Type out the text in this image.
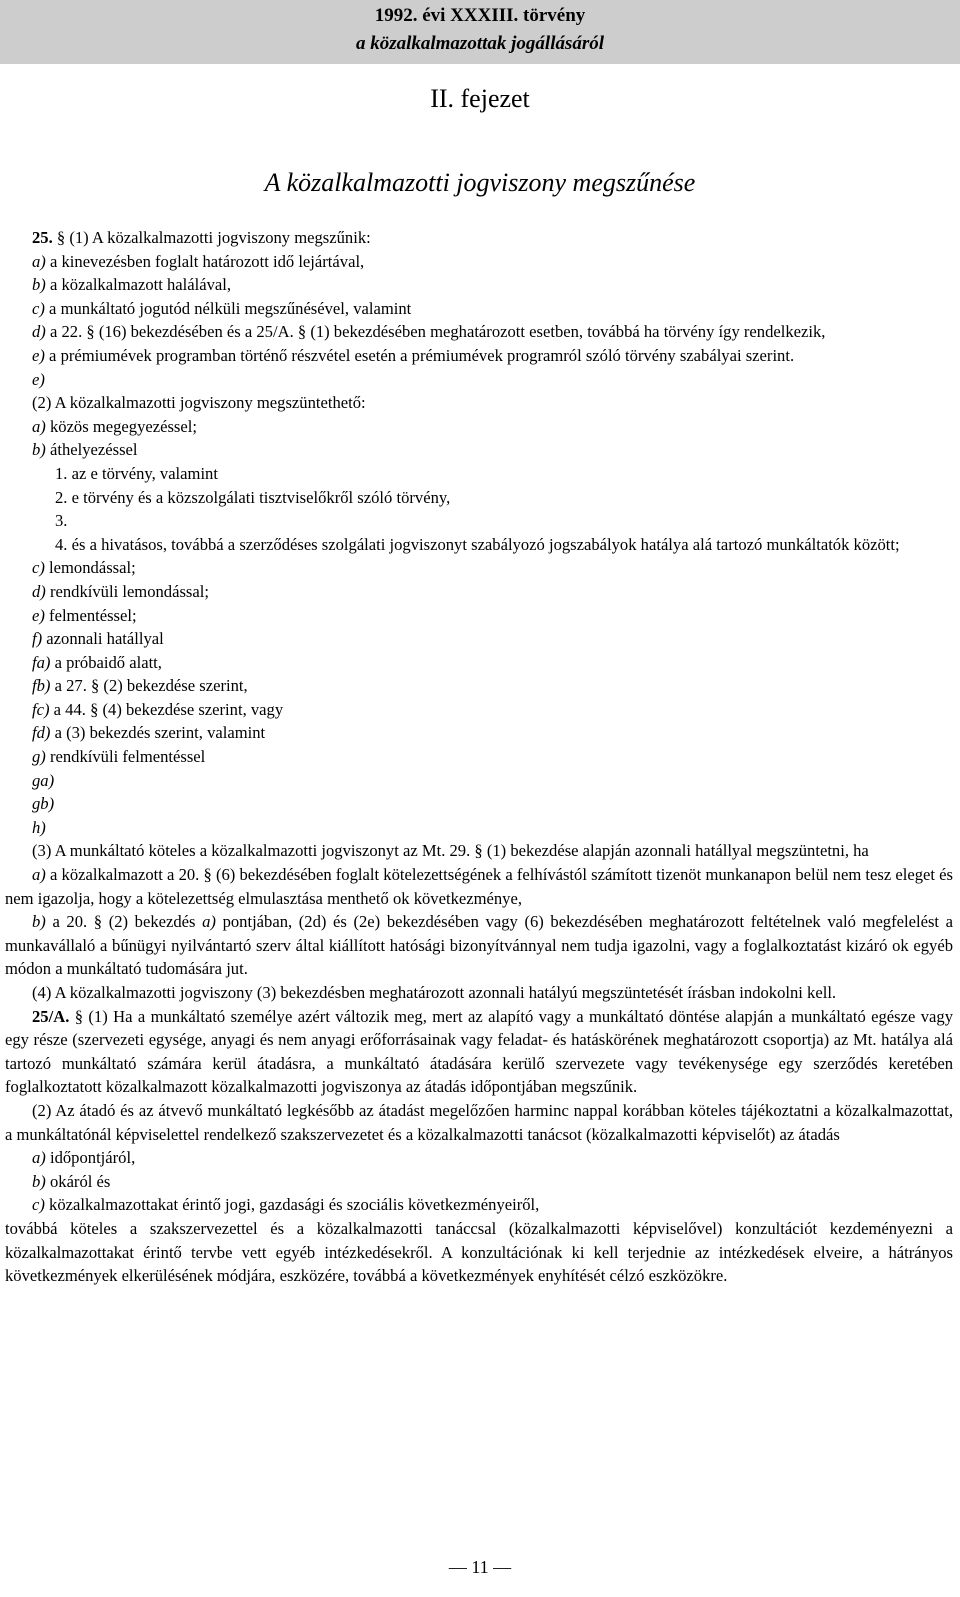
1992. évi XXXIII. törvény
a közalkalmazottak jogállásáról
II. fejezet
A közalkalmazotti jogviszony megszűnése

25. § (1) A közalkalmazotti jogviszony megszűnik:

a) a kinevezésben foglalt határozott idő lejártával,

b) a közalkalmazott halálával,

c) a munkáltató jogutód nélküli megszűnésével, valamint

d) a 22. § (16) bekezdésében és a 25/A. § (1) bekezdésében meghatározott esetben, továbbá ha törvény így rendelkezik,

e) a prémiumévek programban történő részvétel esetén a prémiumévek programról szóló törvény szabályai szerint.

e)

(2) A közalkalmazotti jogviszony megszüntethető:

a) közös megegyezéssel;

b) áthelyezéssel

1. az e törvény, valamint

2. e törvény és a közszolgálati tisztviselőkről szóló törvény,

3.

4. és a hivatásos, továbbá a szerződéses szolgálati jogviszonyt szabályozó jogszabályok hatálya alá tartozó munkáltatók között;

c) lemondással;

d) rendkívüli lemondással;

e) felmentéssel;

f) azonnali hatállyal

fa) a próbaidő alatt,

fb) a 27. § (2) bekezdése szerint,

fc) a 44. § (4) bekezdése szerint, vagy

fd) a (3) bekezdés szerint, valamint

g) rendkívüli felmentéssel

ga)

gb)

h)

(3) A munkáltató köteles a közalkalmazotti jogviszonyt az Mt. 29. § (1) bekezdése alapján azonnali hatállyal megszüntetni, ha

a) a közalkalmazott a 20. § (6) bekezdésében foglalt kötelezettségének a felhívástól számított tizenöt munkanapon belül nem tesz eleget és nem igazolja, hogy a kötelezettség elmulasztása menthető ok következménye,

b) a 20. § (2) bekezdés a) pontjában, (2d) és (2e) bekezdésében vagy (6) bekezdésében meghatározott feltételnek való megfelelést a munkavállaló a bűnügyi nyilvántartó szerv által kiállított hatósági bizonyítvánnyal nem tudja igazolni, vagy a foglalkoztatást kizáró ok egyéb módon a munkáltató tudomására jut.

(4) A közalkalmazotti jogviszony (3) bekezdésben meghatározott azonnali hatályú megszüntetését írásban indokolni kell.

25/A. § (1) Ha a munkáltató személye azért változik meg, mert az alapító vagy a munkáltató döntése alapján a munkáltató egésze vagy egy része (szervezeti egysége, anyagi és nem anyagi erőforrásainak vagy feladat- és hatáskörének meghatározott csoportja) az Mt. hatálya alá tartozó munkáltató számára kerül átadásra, a munkáltató átadására kerülő szervezete vagy tevékenysége egy szerződés keretében foglalkoztatott közalkalmazott közalkalmazotti jogviszonya az átadás időpontjában megszűnik.

(2) Az átadó és az átvevő munkáltató legkésőbb az átadást megelőzően harminc nappal korábban köteles tájékoztatni a közalkalmazottat, a munkáltatónál képviselettel rendelkező szakszervezetet és a közalkalmazotti tanácsot (közalkalmazotti képviselőt) az átadás

a) időpontjáról,

b) okáról és

c) közalkalmazottakat érintő jogi, gazdasági és szociális következményeiről,

továbbá köteles a szakszervezettel és a közalkalmazotti tanáccsal (közalkalmazotti képviselővel) konzultációt kezdeményezni a közalkalmazottakat érintő tervbe vett egyéb intézkedésekről. A konzultációnak ki kell terjednie az intézkedések elveire, a hátrányos következmények elkerülésének módjára, eszközére, továbbá a következmények enyhítését célzó eszközökre.

— 11 —
